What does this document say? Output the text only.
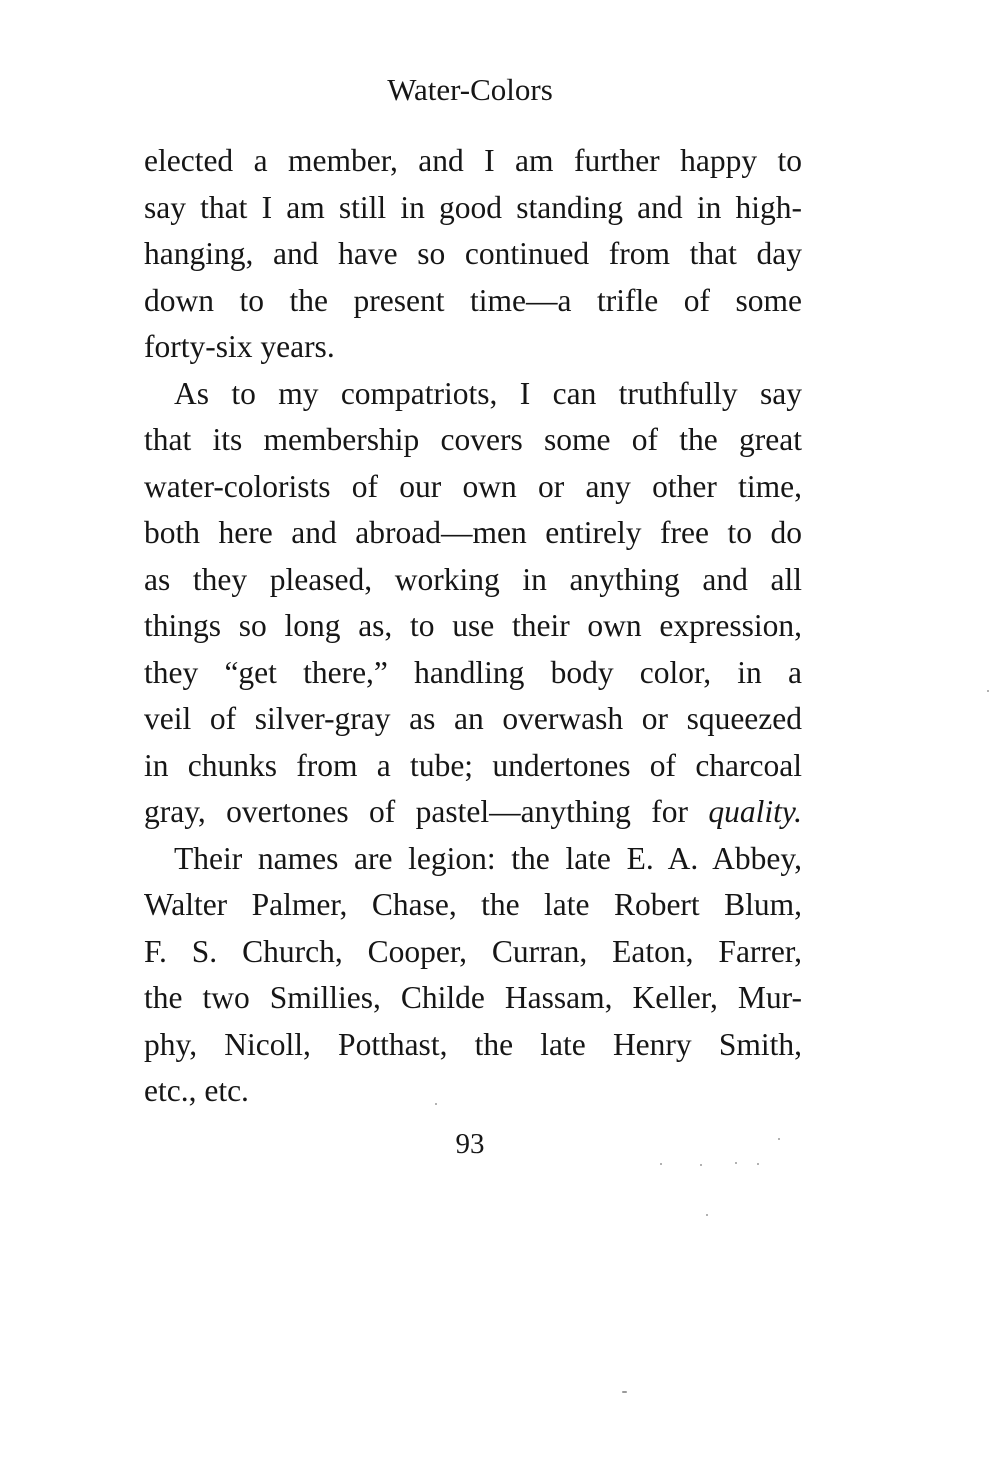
Water-Colors
elected a member, and I am further happy to
say that I am still in good standing and in high-
hanging, and have so continued from that day
down to the present time—a trifle of some
forty-six years.
As to my compatriots, I can truthfully say
that its membership covers some of the great
water-colorists of our own or any other time,
both here and abroad—men entirely free to do
as they pleased, working in anything and all
things so long as, to use their own expression,
they “get there,” handling body color, in a
veil of silver-gray as an overwash or squeezed
in chunks from a tube; undertones of charcoal
gray, overtones of pastel—anything for quality.
Their names are legion: the late E. A. Abbey,
Walter Palmer, Chase, the late Robert Blum,
F. S. Church, Cooper, Curran, Eaton, Farrer,
the two Smillies, Childe Hassam, Keller, Mur-
phy, Nicoll, Potthast, the late Henry Smith,
etc., etc.
93
